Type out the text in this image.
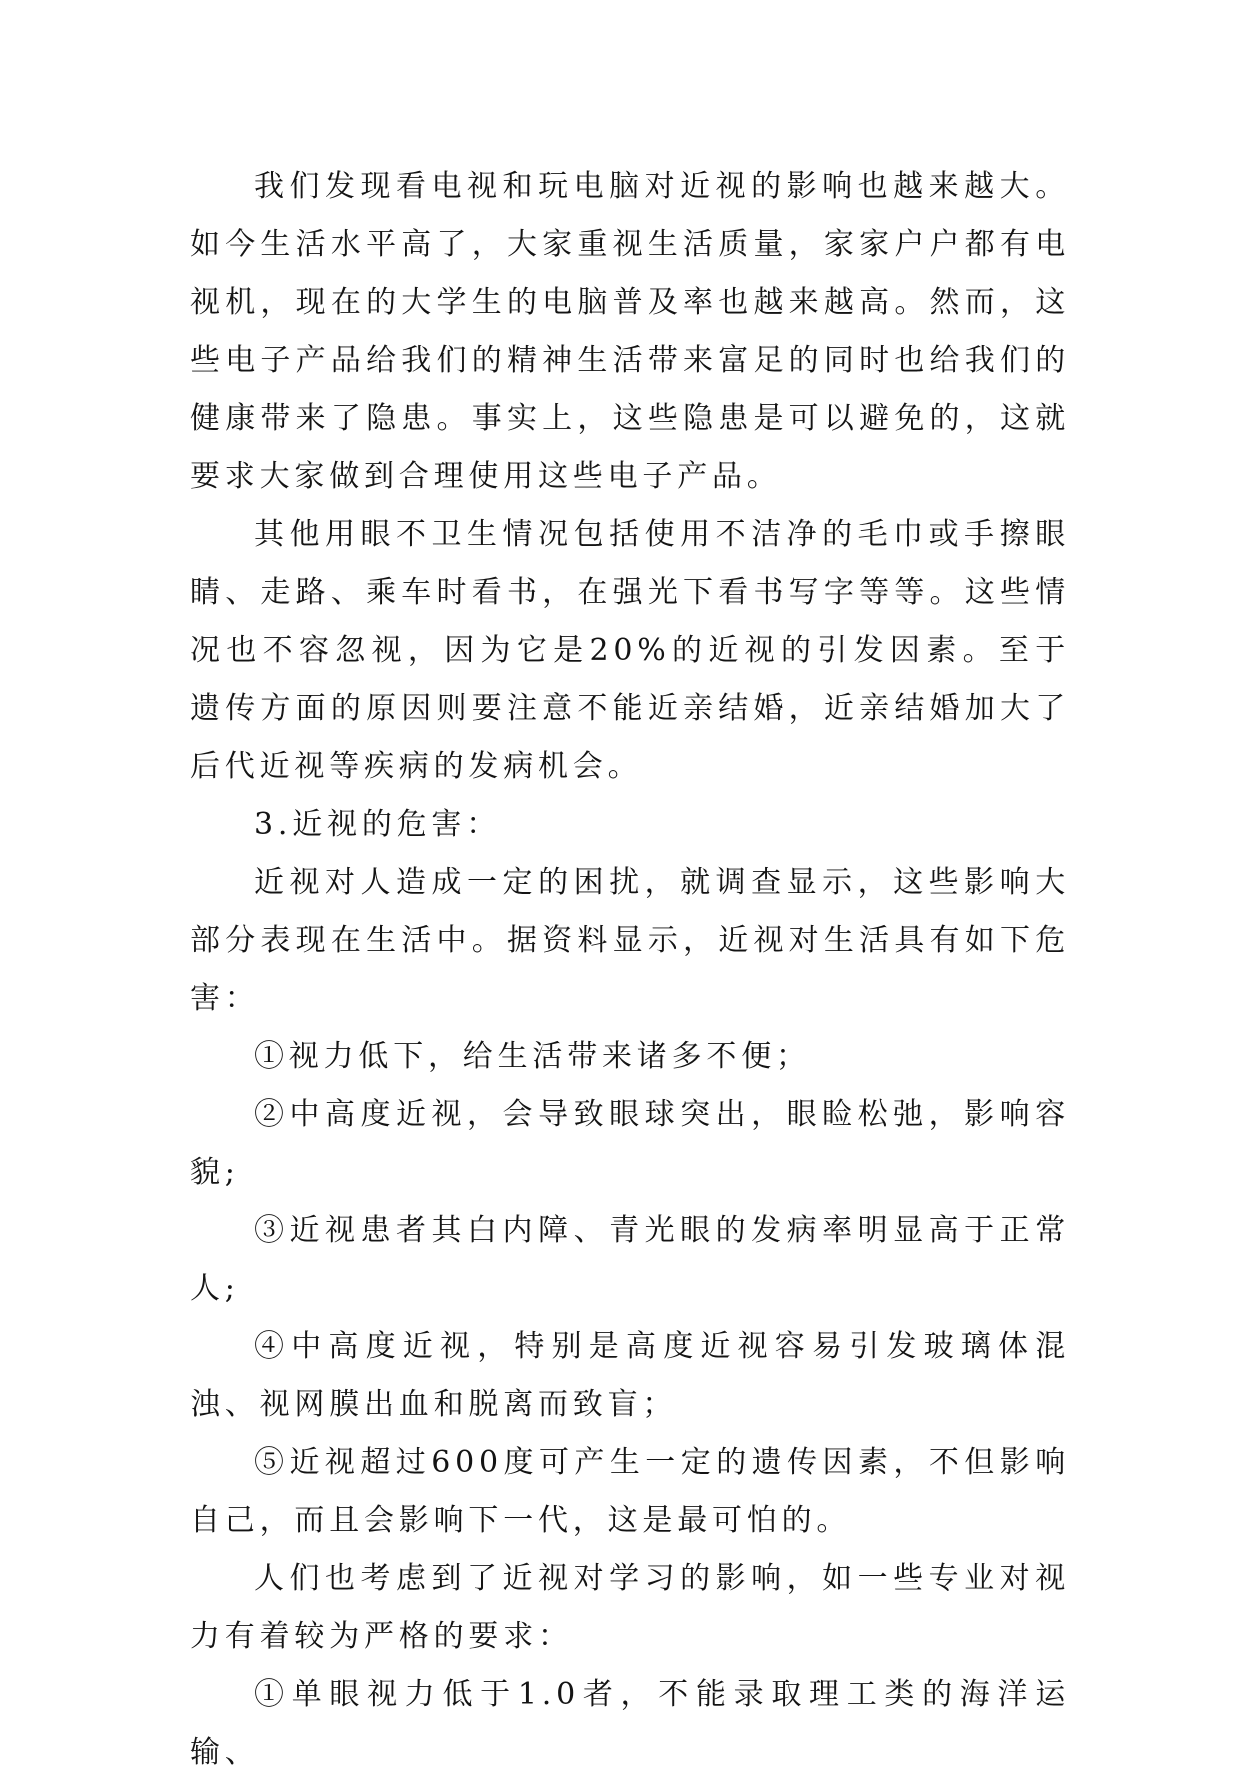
我们发现看电视和玩电脑对近视的影响也越来越大。如今生活水平高了，大家重视生活质量，家家户户都有电视机，现在的大学生的电脑普及率也越来越高。然而，这些电子产品给我们的精神生活带来富足的同时也给我们的健康带来了隐患。事实上，这些隐患是可以避免的，这就要求大家做到合理使用这些电子产品。

其他用眼不卫生情况包括使用不洁净的毛巾或手擦眼睛、走路、乘车时看书，在强光下看书写字等等。这些情况也不容忽视，因为它是20%的近视的引发因素。至于遗传方面的原因则要注意不能近亲结婚，近亲结婚加大了后代近视等疾病的发病机会。

3.近视的危害：

近视对人造成一定的困扰，就调查显示，这些影响大部分表现在生活中。据资料显示，近视对生活具有如下危害：

①视力低下，给生活带来诸多不便；

②中高度近视，会导致眼球突出，眼睑松弛，影响容貌;

③近视患者其白内障、青光眼的发病率明显高于正常人;

④中高度近视，特别是高度近视容易引发玻璃体混浊、视网膜出血和脱离而致盲；

⑤近视超过600度可产生一定的遗传因素，不但影响自己，而且会影响下一代，这是最可怕的。

人们也考虑到了近视对学习的影响，如一些专业对视力有着较为严格的要求：

①单眼视力低于1.0者，不能录取理工类的海洋运输、
